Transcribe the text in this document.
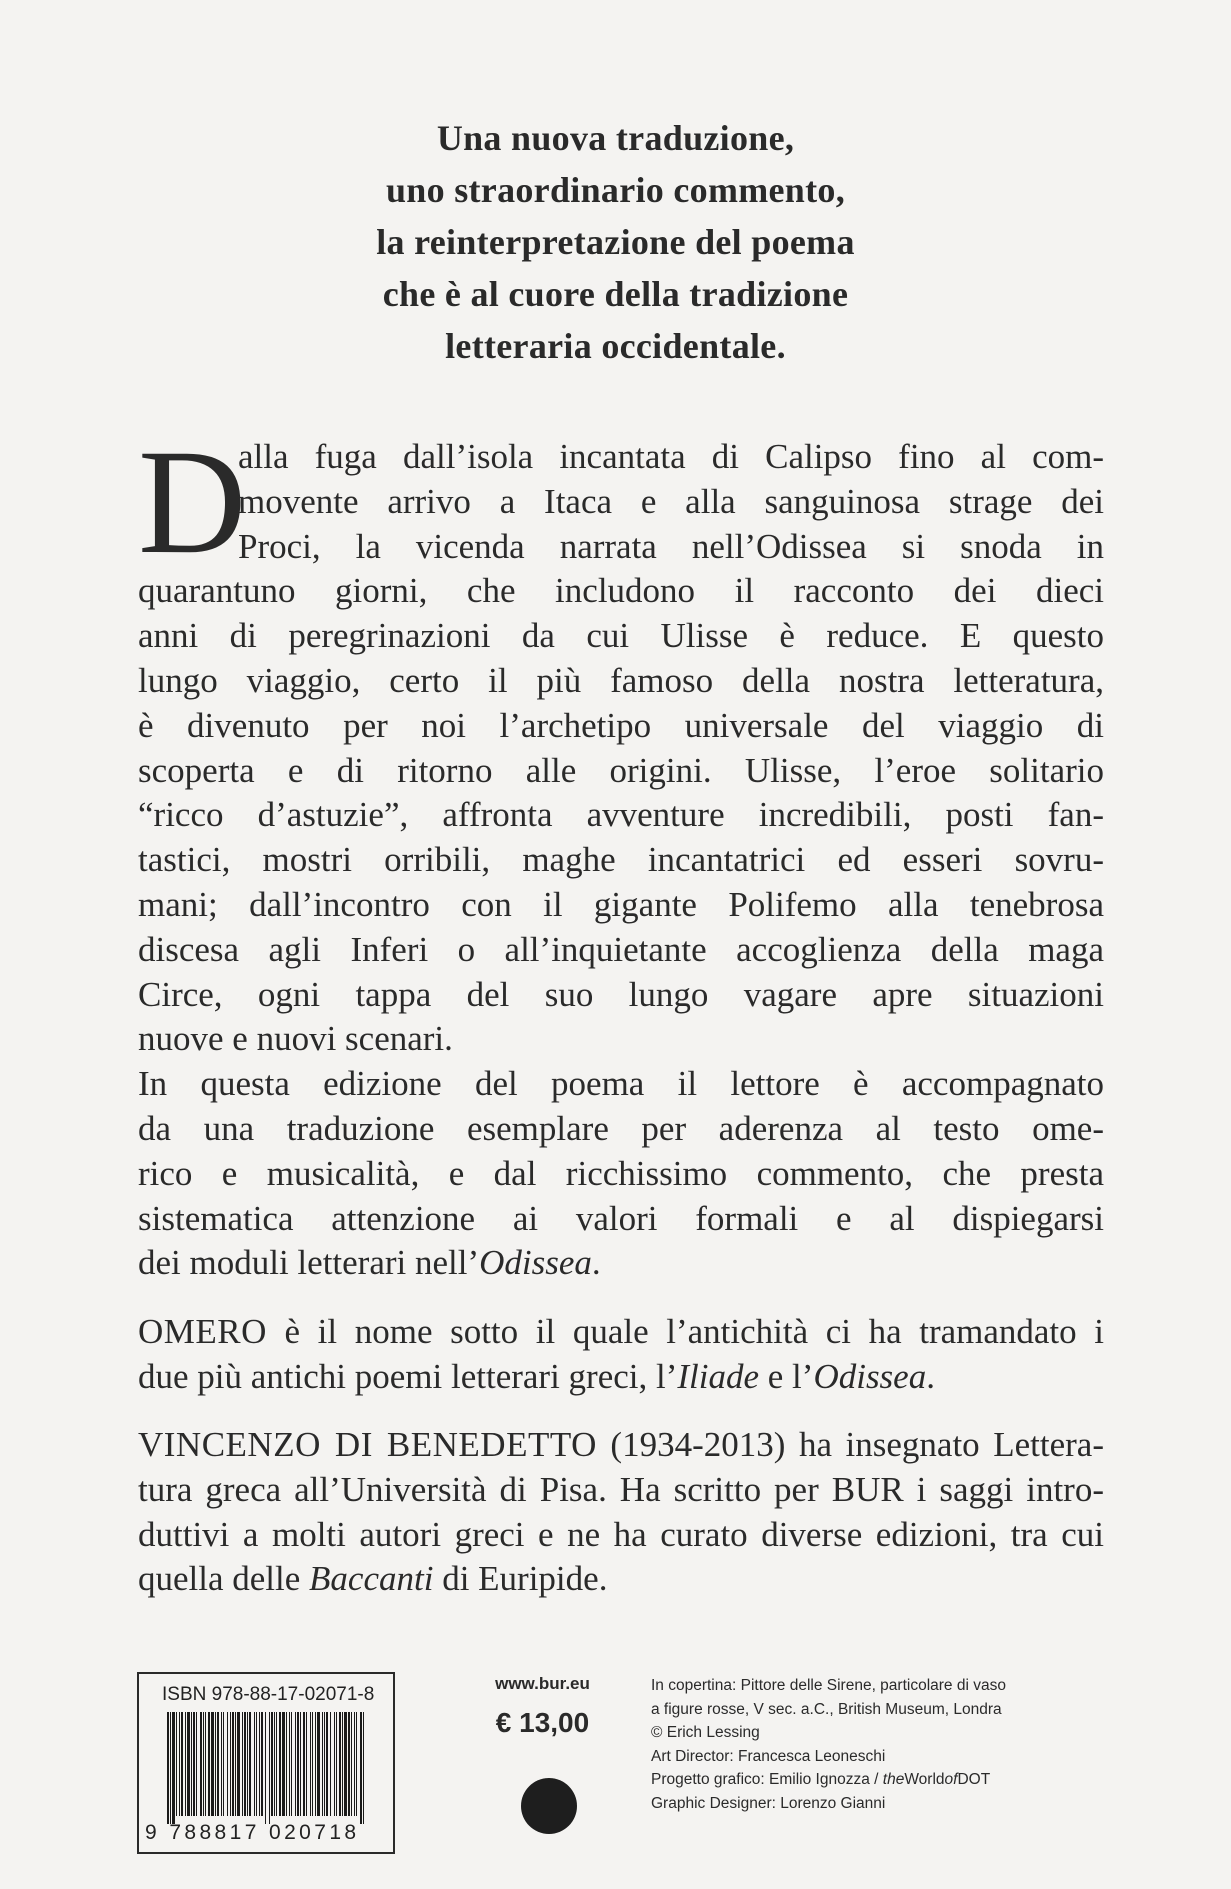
Una nuova traduzione,
uno straordinario commento,
la reinterpretazione del poema
che è al cuore della tradizione
letteraria occidentale.
D
alla fuga dall’isola incantata di Calipso fino al com-
movente arrivo a Itaca e alla sanguinosa strage dei
Proci, la vicenda narrata nell’Odissea si snoda in
quarantuno giorni, che includono il racconto dei dieci
anni di peregrinazioni da cui Ulisse è reduce. E questo
lungo viaggio, certo il più famoso della nostra letteratura,
è divenuto per noi l’archetipo universale del viaggio di
scoperta e di ritorno alle origini. Ulisse, l’eroe solitario
“ricco d’astuzie”, affronta avventure incredibili, posti fan-
tastici, mostri orribili, maghe incantatrici ed esseri sovru-
mani; dall’incontro con il gigante Polifemo alla tenebrosa
discesa agli Inferi o all’inquietante accoglienza della maga
Circe, ogni tappa del suo lungo vagare apre situazioni
nuove e nuovi scenari.
In questa edizione del poema il lettore è accompagnato
da una traduzione esemplare per aderenza al testo ome-
rico e musicalità, e dal ricchissimo commento, che presta
sistematica attenzione ai valori formali e al dispiegarsi
dei moduli letterari nell’Odissea.
OMERO è il nome sotto il quale l’antichità ci ha tramandato i
due più antichi poemi letterari greci, l’Iliade e l’Odissea.
VINCENZO DI BENEDETTO (1934-2013) ha insegnato Lettera-
tura greca all’Università di Pisa. Ha scritto per BUR i saggi intro-
duttivi a molti autori greci e ne ha curato diverse edizioni, tra cui
quella delle Baccanti di Euripide.
ISBN 978-88-17-02071-8
9 788817 020718
www.bur.eu
€ 13,00
In copertina: Pittore delle Sirene, particolare di vaso
a figure rosse, V sec. a.C., British Museum, Londra
© Erich Lessing
Art Director: Francesca Leoneschi
Progetto grafico: Emilio Ignozza / theWorldofDOT
Graphic Designer: Lorenzo Gianni
